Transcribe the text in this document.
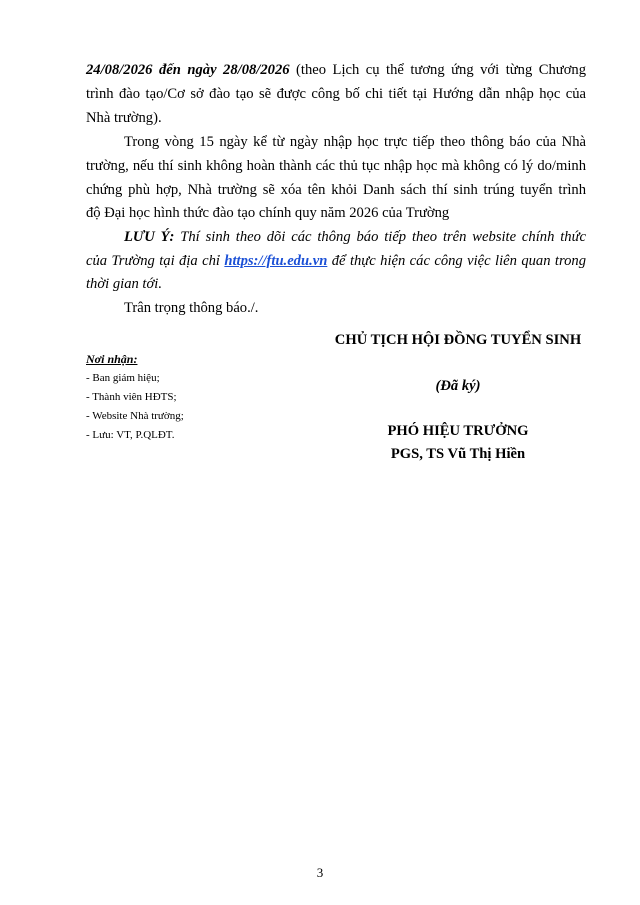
24/08/2026 đến ngày 28/08/2026 (theo Lịch cụ thể tương ứng với từng Chương
trình đào tạo/Cơ sở đào tạo sẽ được công bố chi tiết tại Hướng dẫn nhập học của
Nhà trường).
Trong vòng 15 ngày kể từ ngày nhập học trực tiếp theo thông báo của Nhà
trường, nếu thí sinh không hoàn thành các thủ tục nhập học mà không có lý do/minh
chứng phù hợp, Nhà trường sẽ xóa tên khỏi Danh sách thí sinh trúng tuyển trình
độ Đại học hình thức đào tạo chính quy năm 2026 của Trường
LƯU Ý: Thí sinh theo dõi các thông báo tiếp theo trên website chính thức
của Trường tại địa chỉ https://ftu.edu.vn để thực hiện các công việc liên quan trong
thời gian tới.
Trân trọng thông báo./.
Nơi nhận:
- Ban giám hiệu;
- Thành viên HĐTS;
- Website Nhà trường;
- Lưu: VT, P.QLĐT.
CHỦ TỊCH HỘI ĐỒNG TUYỂN SINH
(Đã ký)
PHÓ HIỆU TRƯỞNG
PGS, TS Vũ Thị Hiền
3
